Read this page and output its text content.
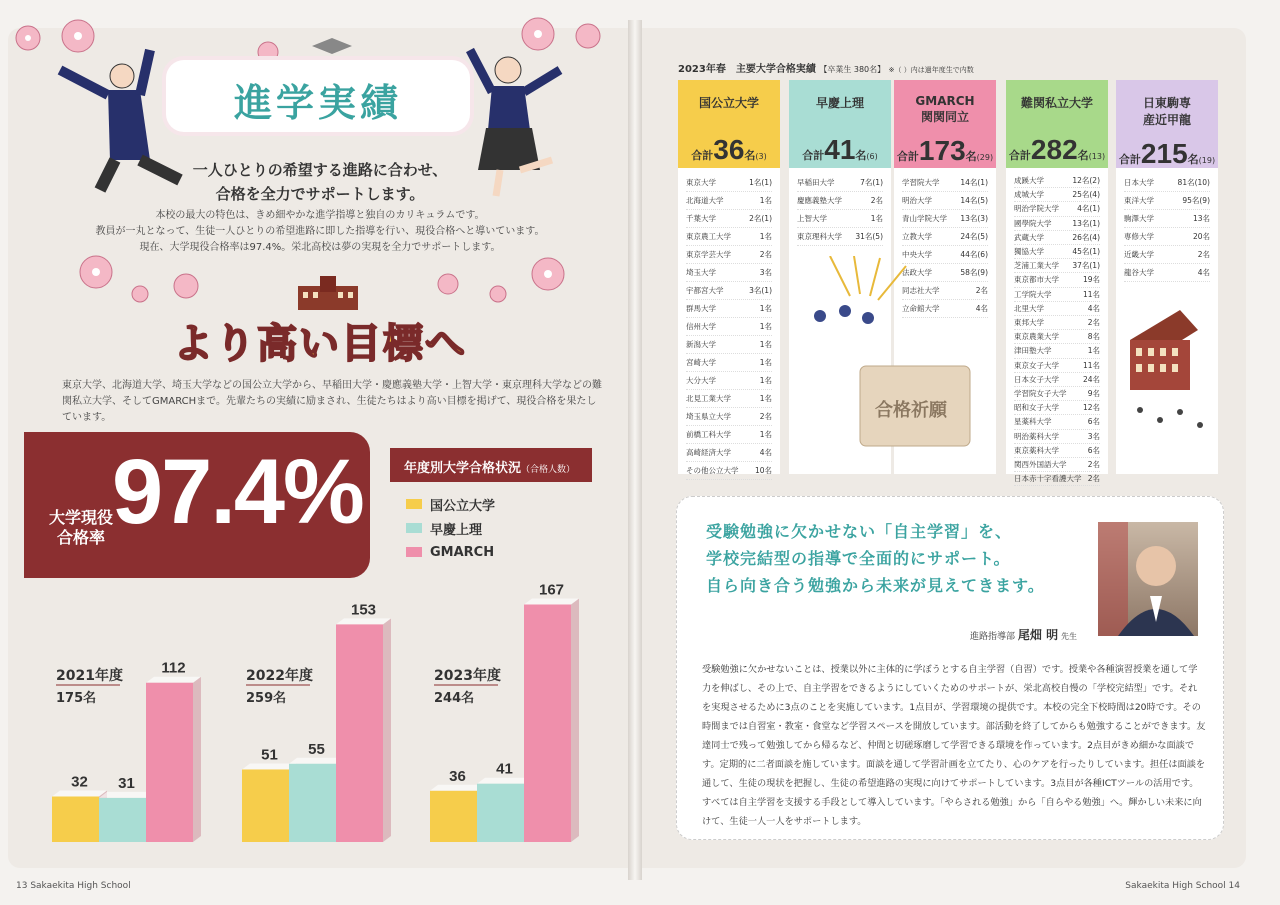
進学実績
一人ひとりの希望する進路に合わせ、
合格を全力でサポートします。
本校の最大の特色は、きめ細やかな進学指導と独自のカリキュラムです。
教員が一丸となって、生徒一人ひとりの希望進路に即した指導を行い、現役合格へと導いています。
現在、大学現役合格率は97.4%。栄北高校は夢の実現を全力でサポートします。
より高い目標へ
東京大学、北海道大学、埼玉大学などの国公立大学から、早稲田大学・慶應義塾大学・上智大学・東京理科大学などの難関私立大学、そしてGMARCHまで。先輩たちの実績に励まされ、生徒たちはより高い目標を掲げて、現役合格を果たしています。
大学現役
合格率 97.4%	年度別大学合格状況（合格人数）
国公立大学
早慶上理
GMARCH
32 31
112
2021年度
175名
51 55
153
2022年度
259名
36 41
167
2023年度
244名
13 Sakaekita High School
2023年春　主要大学合格実績 【卒業生 380名】 ※（ ）内は過年度生で内数
国公立大学
合計36名(3)
東京大学	1名(1)
北海道大学	1名
千葉大学	2名(1)
東京農工大学	1名
東京学芸大学	2名
埼玉大学	3名
宇都宮大学	3名(1)
群馬大学	1名
信州大学	1名
新潟大学	1名
宮崎大学	1名
大分大学	1名
北見工業大学	1名
埼玉県立大学	2名
前橋工科大学	1名
高崎経済大学	4名
その他公立大学 10名
早慶上理
合計41名(6)
早稲田大学	7名(1)
慶應義塾大学	2名
上智大学	1名
東京理科大学 31名(5)
GMARCH
関関同立
合計173名(29)
学習院大学	14名(1)
明治大学	14名(5)
青山学院大学 13名(3)
立教大学	24名(5)
中央大学	44名(6)
法政大学	58名(9)
同志社大学	2名
立命館大学	4名
難関私立大学
合計282名(13)
成蹊大学	12名(2)
成城大学	25名(4)
明治学院大学 4名(1)
國學院大学	13名(1)
武蔵大学	26名(4)
獨協大学	45名(1)
芝浦工業大学 37名(1)
東京都市大学	19名
工学院大学	11名
北里大学	4名
東邦大学	2名
東京農業大学	8名
津田塾大学	1名
東京女子大学	11名
日本女子大学	24名
学習院女子大学	9名
昭和女子大学	12名
星薬科大学	6名
明治薬科大学	3名
東京薬科大学	6名
関西外国語大学	2名
日本赤十字看護大学 2名
日東駒専
産近甲龍
合計215名(19)
日本大学	81名(10)
東洋大学	95名(9)
駒澤大学	13名
専修大学	20名
近畿大学	2名
龍谷大学	4名
合格祈願
受験勉強に欠かせない「自主学習」を、
学校完結型の指導で全面的にサポート。
自ら向き合う勉強から未来が見えてきます。
進路指導部 尾畑 明 先生
受験勉強に欠かせないことは、授業以外に主体的に学ぼうとする自主学習（自習）です。授業や各種演習授業を通して学力を伸ばし、その上で、自主学習をできるようにしていくためのサポートが、栄北高校自慢の「学校完結型」です。それを実現させるために3点のことを実施しています。1点目が、学習環境の提供です。本校の完全下校時間は20時です。その時間までは自習室・教室・食堂など学習スペースを開放しています。部活動を終了してからも勉強することができます。友達同士で残って勉強してから帰るなど、仲間と切磋琢磨して学習できる環境を作っています。2点目がきめ細かな面談です。定期的に二者面談を施しています。面談を通して学習計画を立てたり、心のケアを行ったりしています。担任は面談を通して、生徒の現状を把握し、生徒の希望進路の実現に向けてサポートしています。3点目が各種ICTツールの活用です。すべては自主学習を支援する手段として導入しています。「やらされる勉強」から「自らやる勉強」へ。輝かしい未来に向けて、生徒一人一人をサポートします。
Sakaekita High School 14
